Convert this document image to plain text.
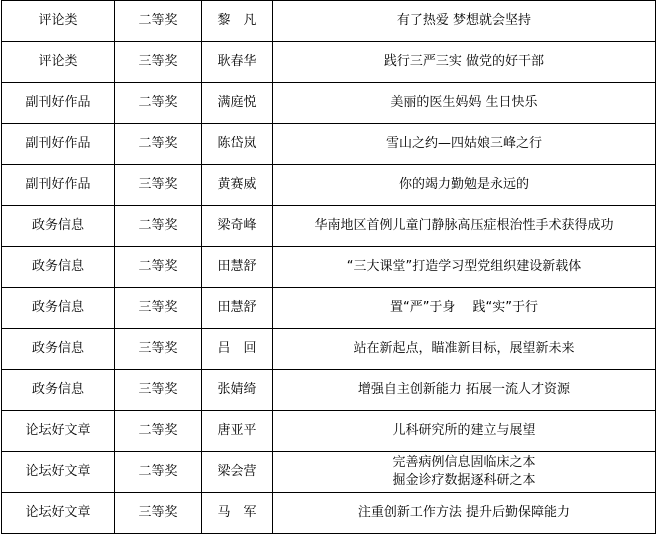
评论类	二等奖	黎　凡	有了热爱 梦想就会坚持

评论类	三等奖	耿春华	践行三严三实 做党的好干部

副刊好作品	二等奖	满庭悦	美丽的医生妈妈 生日快乐

副刊好作品	二等奖	陈岱岚	雪山之约—四姑娘三峰之行

副刊好作品	三等奖	黄赛威	你的竭力勤勉是永远的

政务信息	二等奖	梁奇峰	华南地区首例儿童门静脉高压症根治性手术获得成功

政务信息	二等奖	田慧舒	“三大课堂”打造学习型党组织建设新载体

政务信息	三等奖	田慧舒	置“严”于身　 践“实”于行

政务信息	三等奖	吕　回	站在新起点，瞄准新目标，展望新未来

政务信息	三等奖	张婧绮	增强自主创新能力 拓展一流人才资源

论坛好文章	二等奖	唐亚平	儿科研究所的建立与展望

论坛好文章	二等奖	梁会营	完善病例信息固临床之本
掘金诊疗数据逐科研之本

论坛好文章	三等奖	马　军	注重创新工作方法 提升后勤保障能力
